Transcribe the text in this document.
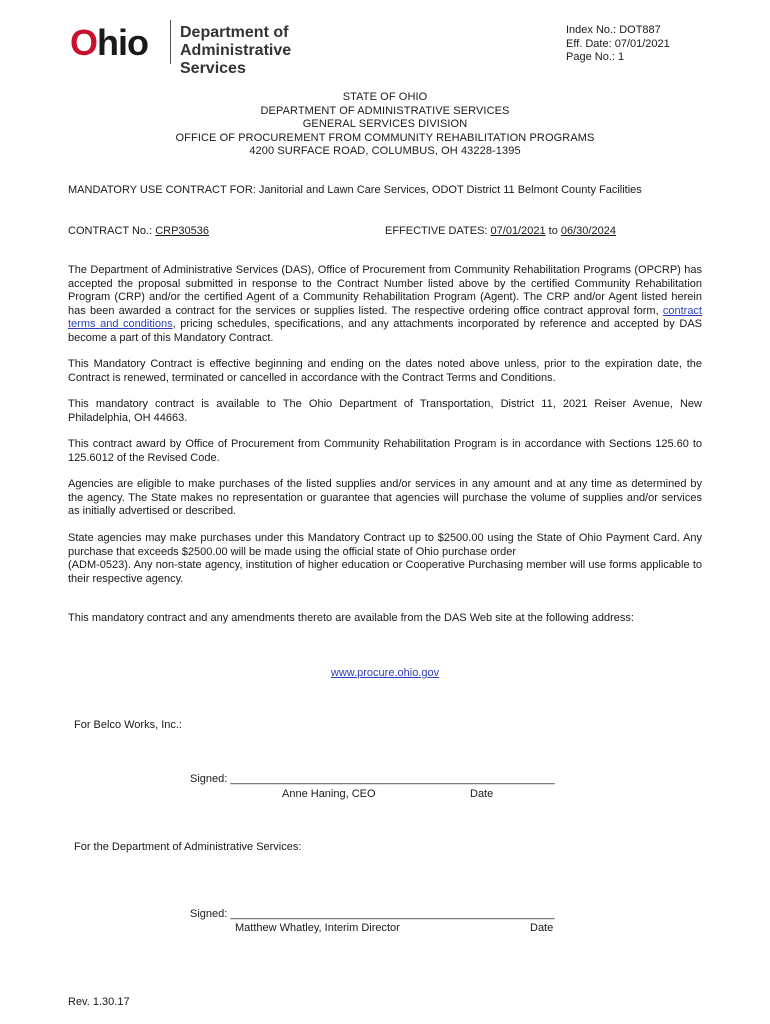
Ohio Department of
Administrative Services
Index No.: DOT887
Eff. Date: 07/01/2021
Page No.: 1
STATE OF OHIO
DEPARTMENT OF ADMINISTRATIVE SERVICES
GENERAL SERVICES DIVISION
OFFICE OF PROCUREMENT FROM COMMUNITY REHABILITATION PROGRAMS
4200 SURFACE ROAD, COLUMBUS, OH 43228-1395
MANDATORY USE CONTRACT FOR: Janitorial and Lawn Care Services, ODOT District 11 Belmont County Facilities
CONTRACT No.: CRP30536	EFFECTIVE DATES: 07/01/2021 to 06/30/2024
The Department of Administrative Services (DAS), Office of Procurement from Community Rehabilitation Programs (OPCRP) has accepted the proposal submitted in response to the Contract Number listed above by the certified Community Rehabilitation Program (CRP) and/or the certified Agent of a Community Rehabilitation Program (Agent). The CRP and/or Agent listed herein has been awarded a contract for the services or supplies listed. The respective ordering office contract approval form, contract terms and conditions, pricing schedules, specifications, and any attachments incorporated by reference and accepted by DAS become a part of this Mandatory Contract.
This Mandatory Contract is effective beginning and ending on the dates noted above unless, prior to the expiration date, the Contract is renewed, terminated or cancelled in accordance with the Contract Terms and Conditions.
This mandatory contract is available to The Ohio Department of Transportation, District 11, 2021 Reiser Avenue, New Philadelphia, OH 44663.
This contract award by Office of Procurement from Community Rehabilitation Program is in accordance with Sections 125.60 to 125.6012 of the Revised Code.
Agencies are eligible to make purchases of the listed supplies and/or services in any amount and at any time as determined by the agency. The State makes no representation or guarantee that agencies will purchase the volume of supplies and/or services as initially advertised or described.
State agencies may make purchases under this Mandatory Contract up to $2500.00 using the State of Ohio Payment Card. Any purchase that exceeds $2500.00 will be made using the official state of Ohio purchase order
(ADM-0523). Any non-state agency, institution of higher education or Cooperative Purchasing member will use forms applicable to their respective agency.
This mandatory contract and any amendments thereto are available from the DAS Web site at the following address:
www.procure.ohio.gov
For Belco Works, Inc.:
Signed: _____________________________________________________
Anne Haning, CEO	Date
For the Department of Administrative Services:
Signed: _____________________________________________________
Matthew Whatley, Interim Director	Date
Rev. 1.30.17
